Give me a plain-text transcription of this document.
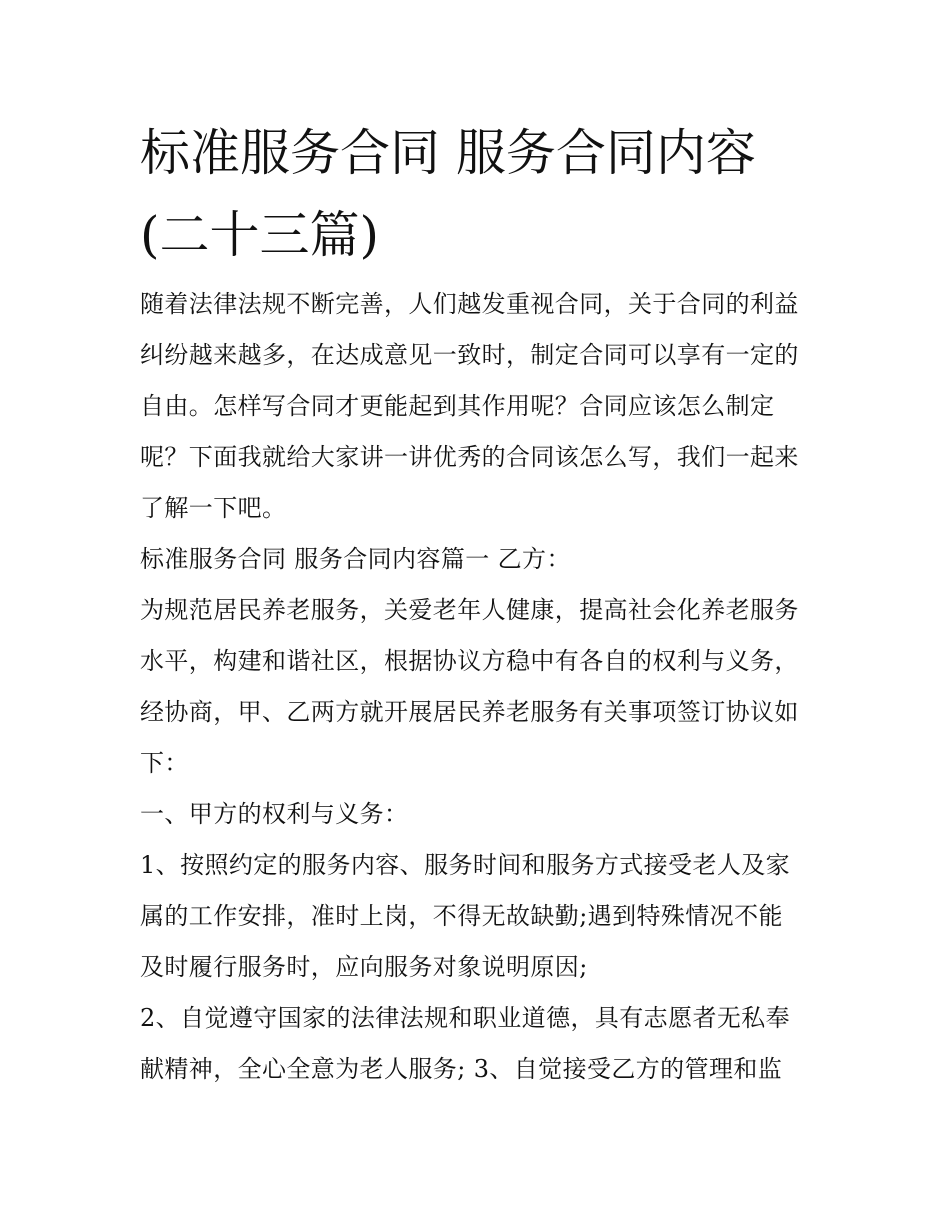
标准服务合同 服务合同内容
(二十三篇)
随着法律法规不断完善，人们越发重视合同，关于合同的利益
纠纷越来越多，在达成意见一致时，制定合同可以享有一定的
自由。怎样写合同才更能起到其作用呢？合同应该怎么制定
呢？下面我就给大家讲一讲优秀的合同该怎么写，我们一起来
了解一下吧。
标准服务合同 服务合同内容篇一 乙方：
为规范居民养老服务，关爱老年人健康，提高社会化养老服务
水平，构建和谐社区，根据协议方稳中有各自的权利与义务，
经协商，甲、乙两方就开展居民养老服务有关事项签订协议如
下：
一、甲方的权利与义务：
1、按照约定的服务内容、服务时间和服务方式接受老人及家
属的工作安排，准时上岗，不得无故缺勤;遇到特殊情况不能
及时履行服务时，应向服务对象说明原因;
2、自觉遵守国家的法律法规和职业道德，具有志愿者无私奉
献精神，全心全意为老人服务; 3、自觉接受乙方的管理和监
